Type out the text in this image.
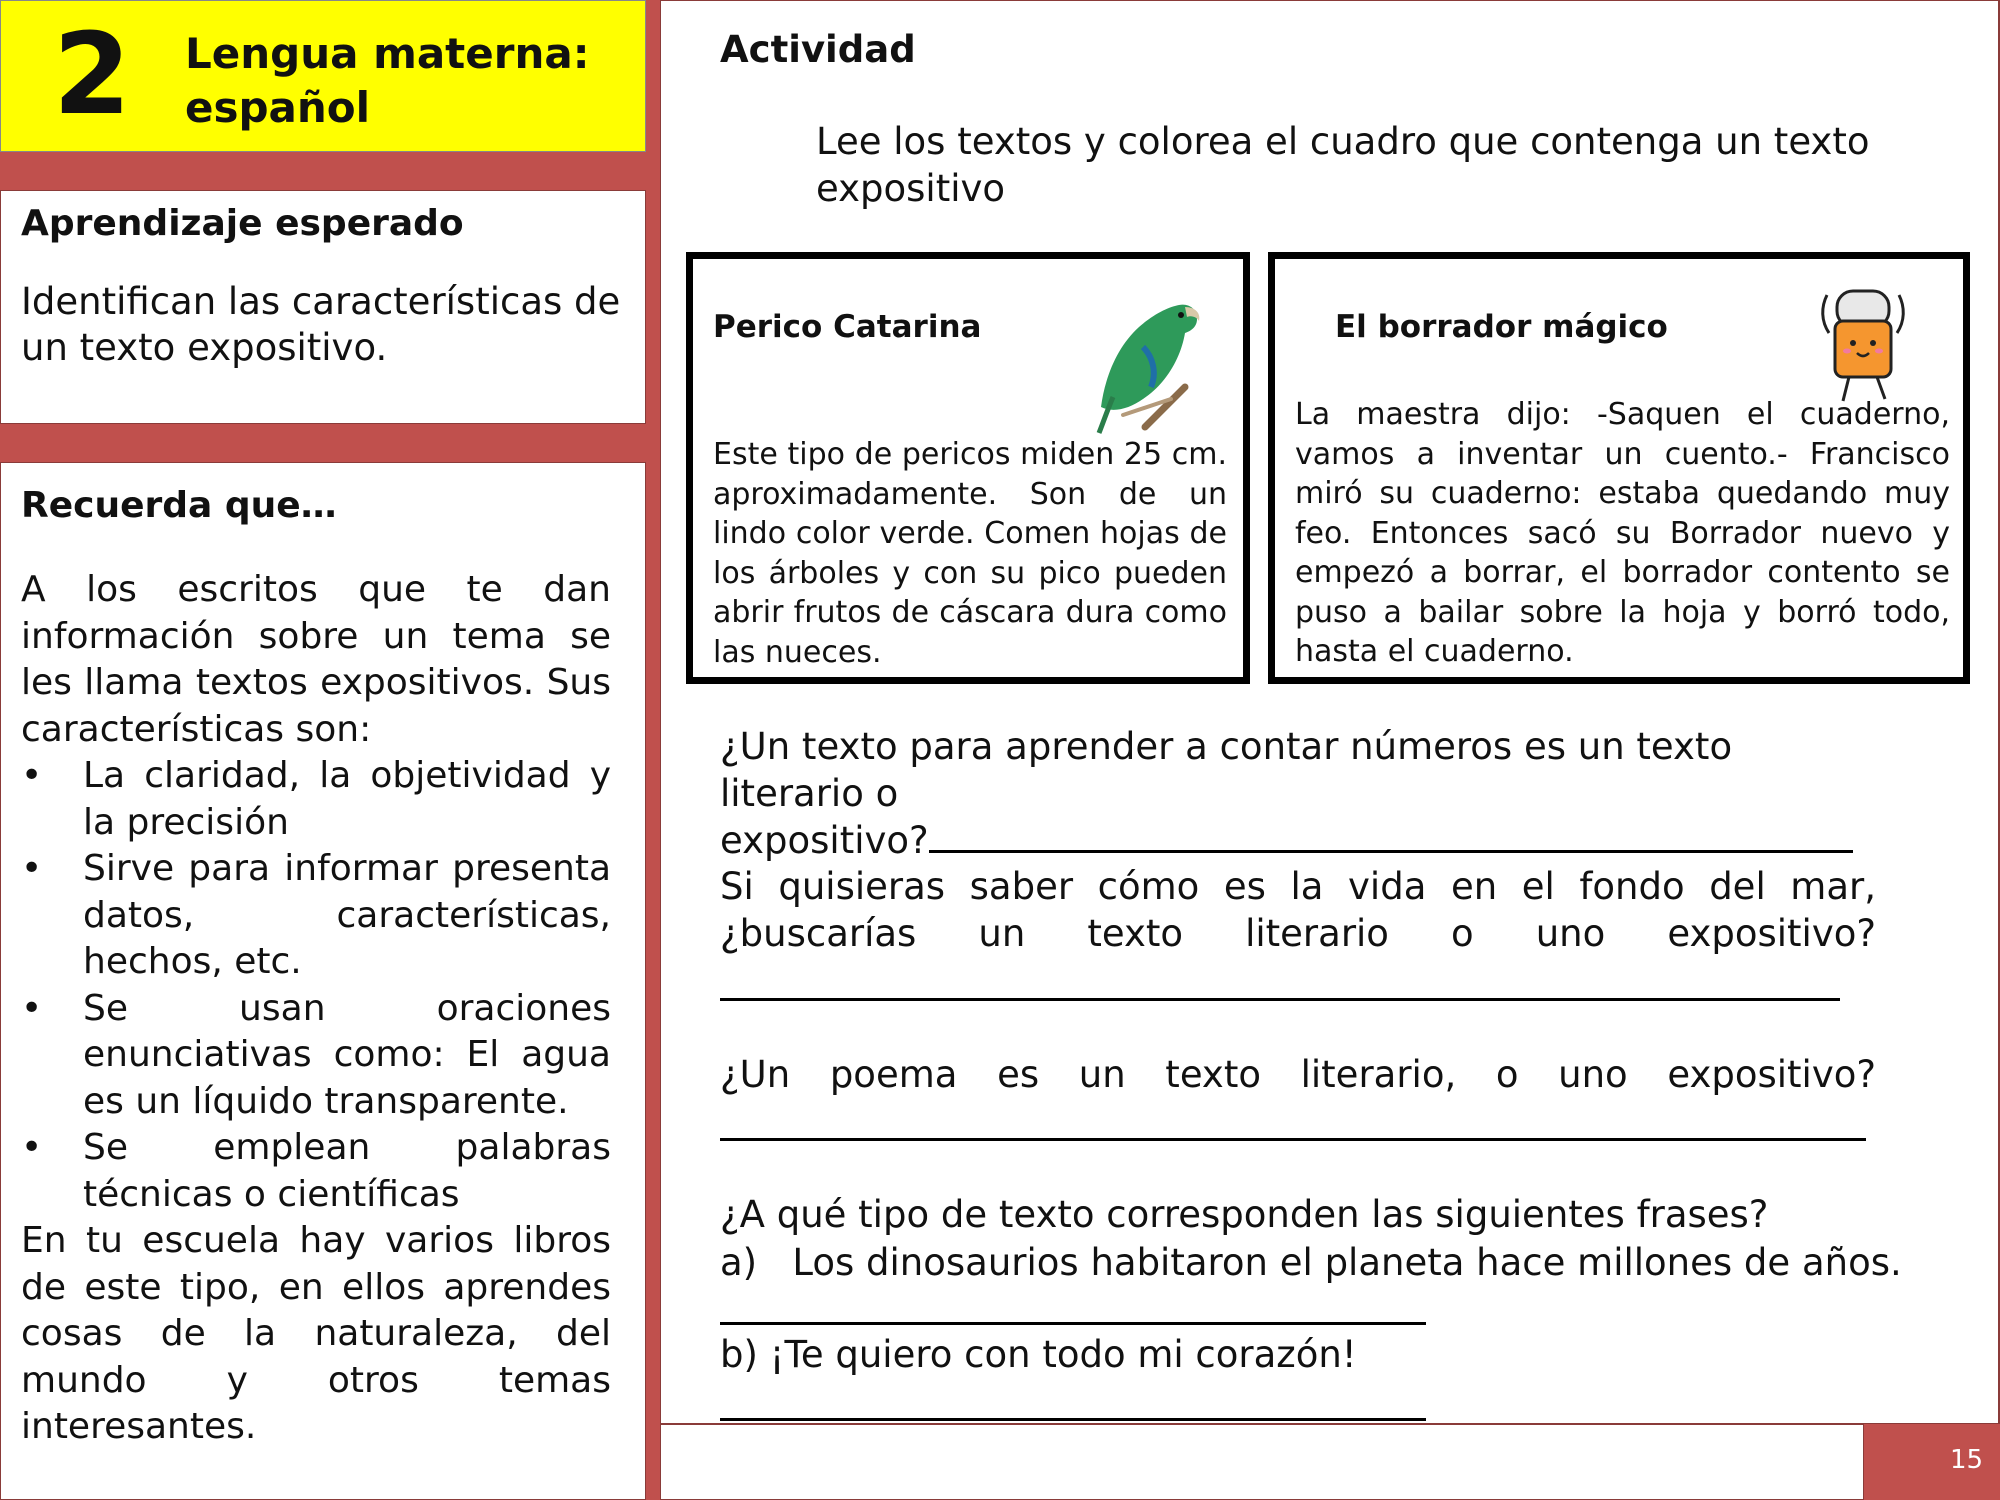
2 Lengua materna:
español
Aprendizaje esperado
Identifican las características de un texto expositivo.
Recuerda que…

A los escritos que te dan información sobre un tema se les llama textos expositivos. Sus características son:

• La claridad, la objetividad y la precisión
• Sirve para informar presenta datos, características, hechos, etc.
• Se usan oraciones enunciativas como: El agua es un líquido transparente.
• Se emplean palabras técnicas o científicas

En tu escuela hay varios libros de este tipo, en ellos aprendes cosas de la naturaleza, del mundo y otros temas interesantes.

15
Actividad
Lee los textos y colorea el cuadro que contenga un texto expositivo
Perico Catarina
Este tipo de pericos miden 25 cm. aproximadamente. Son de un lindo color verde. Comen hojas de los árboles y con su pico pueden abrir frutos de cáscara dura como las nueces.
El borrador mágico
La maestra dijo: -Saquen el cuaderno, vamos a inventar un cuento.- Francisco miró su cuaderno: estaba quedando muy feo. Entonces sacó su Borrador nuevo y empezó a borrar, el borrador contento se puso a bailar sobre la hoja y borró todo, hasta el cuaderno.
¿Un texto para aprender a contar números es un texto literario o
expositivo?
Si quisieras saber cómo es la vida en el fondo del mar, ¿buscarías un texto literario o uno expositivo?
¿Un poema es un texto literario, o uno expositivo?
¿A qué tipo de texto corresponden las siguientes frases?
a)   Los dinosaurios habitaron el planeta hace millones de años.
b) ¡Te quiero con todo mi corazón!
